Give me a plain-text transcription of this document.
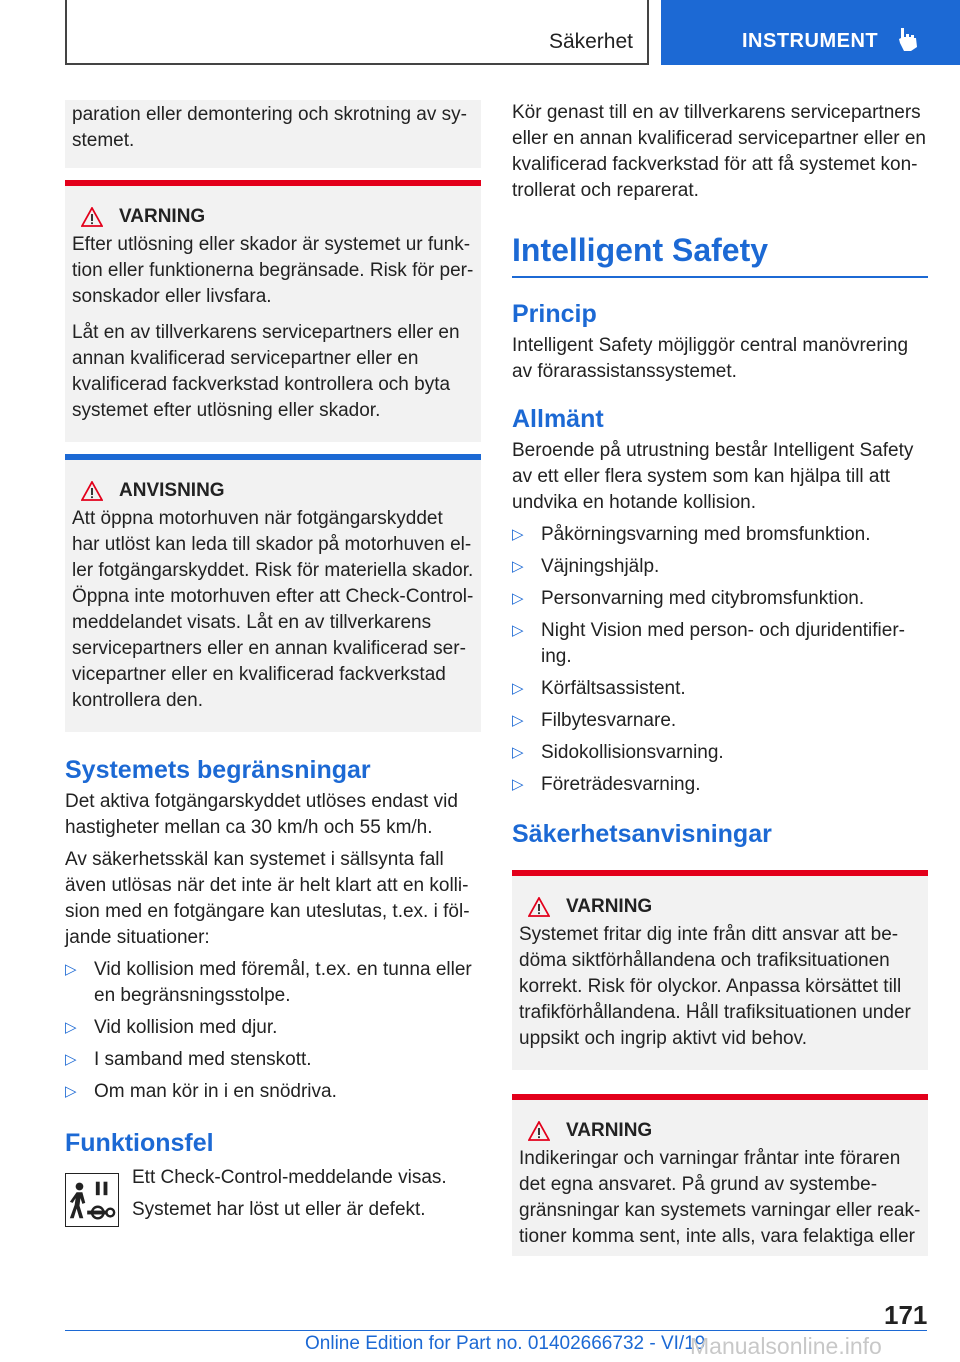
Säkerhet	INSTRUMENT
paration eller demontering och skrotning av systemet.
VARNING
Efter utlösning eller skador är systemet ur funktion eller funktionerna begränsade. Risk för personskador eller livsfara.
Låt en av tillverkarens servicepartners eller en annan kvalificerad servicepartner eller en kvalificerad fackverkstad kontrollera och byta systemet efter utlösning eller skador.
ANVISNING
Att öppna motorhuven när fotgängarskyddet har utlöst kan leda till skador på motorhuven eller fotgängarskyddet. Risk för materiella skador. Öppna inte motorhuven efter att Check-Control-meddelandet visats. Låt en av tillverkarens servicepartners eller en annan kvalificerad servicepartner eller en kvalificerad fackverkstad kontrollera den.
Systemets begränsningar
Det aktiva fotgängarskyddet utlöses endast vid hastigheter mellan ca 30 km/h och 55 km/h.
Av säkerhetsskäl kan systemet i sällsynta fall även utlösas när det inte är helt klart att en kollision med en fotgängare kan uteslutas, t.ex. i följande situationer:
▷ Vid kollision med föremål, t.ex. en tunna eller en begränsningsstolpe.
▷ Vid kollision med djur.
▷ I samband med stenskott.
▷ Om man kör in i en snödriva.
Funktionsfel
Ett Check-Control-meddelande visas.
Systemet har löst ut eller är defekt.
Kör genast till en av tillverkarens servicepartners eller en annan kvalificerad servicepartner eller en kvalificerad fackverkstad för att få systemet kontrollerat och reparerat.
Intelligent Safety
Princip
Intelligent Safety möjliggör central manövrering av förarassistanssystemet.
Allmänt
Beroende på utrustning består Intelligent Safety av ett eller flera system som kan hjälpa till att undvika en hotande kollision.
▷ Påkörningsvarning med bromsfunktion.
▷ Väjningshjälp.
▷ Personvarning med citybromsfunktion.
▷ Night Vision med person- och djuridentifiering.
▷ Körfältsassistent.
▷ Filbytesvarnare.
▷ Sidokollisionsvarning.
▷ Företrädesvarning.
Säkerhetsanvisningar
VARNING
Systemet fritar dig inte från ditt ansvar att bedöma siktförhållandena och trafiksituationen korrekt. Risk för olyckor. Anpassa körsättet till trafikförhållandena. Håll trafiksituationen under uppsikt och ingrip aktivt vid behov.
VARNING
Indikeringar och varningar fråntar inte föraren det egna ansvaret. På grund av systembegränsningar kan systemets varningar eller reaktioner komma sent, inte alls, vara felaktiga eller
171
Online Edition for Part no. 01402666732 - VI/19
Manualsonline.info
